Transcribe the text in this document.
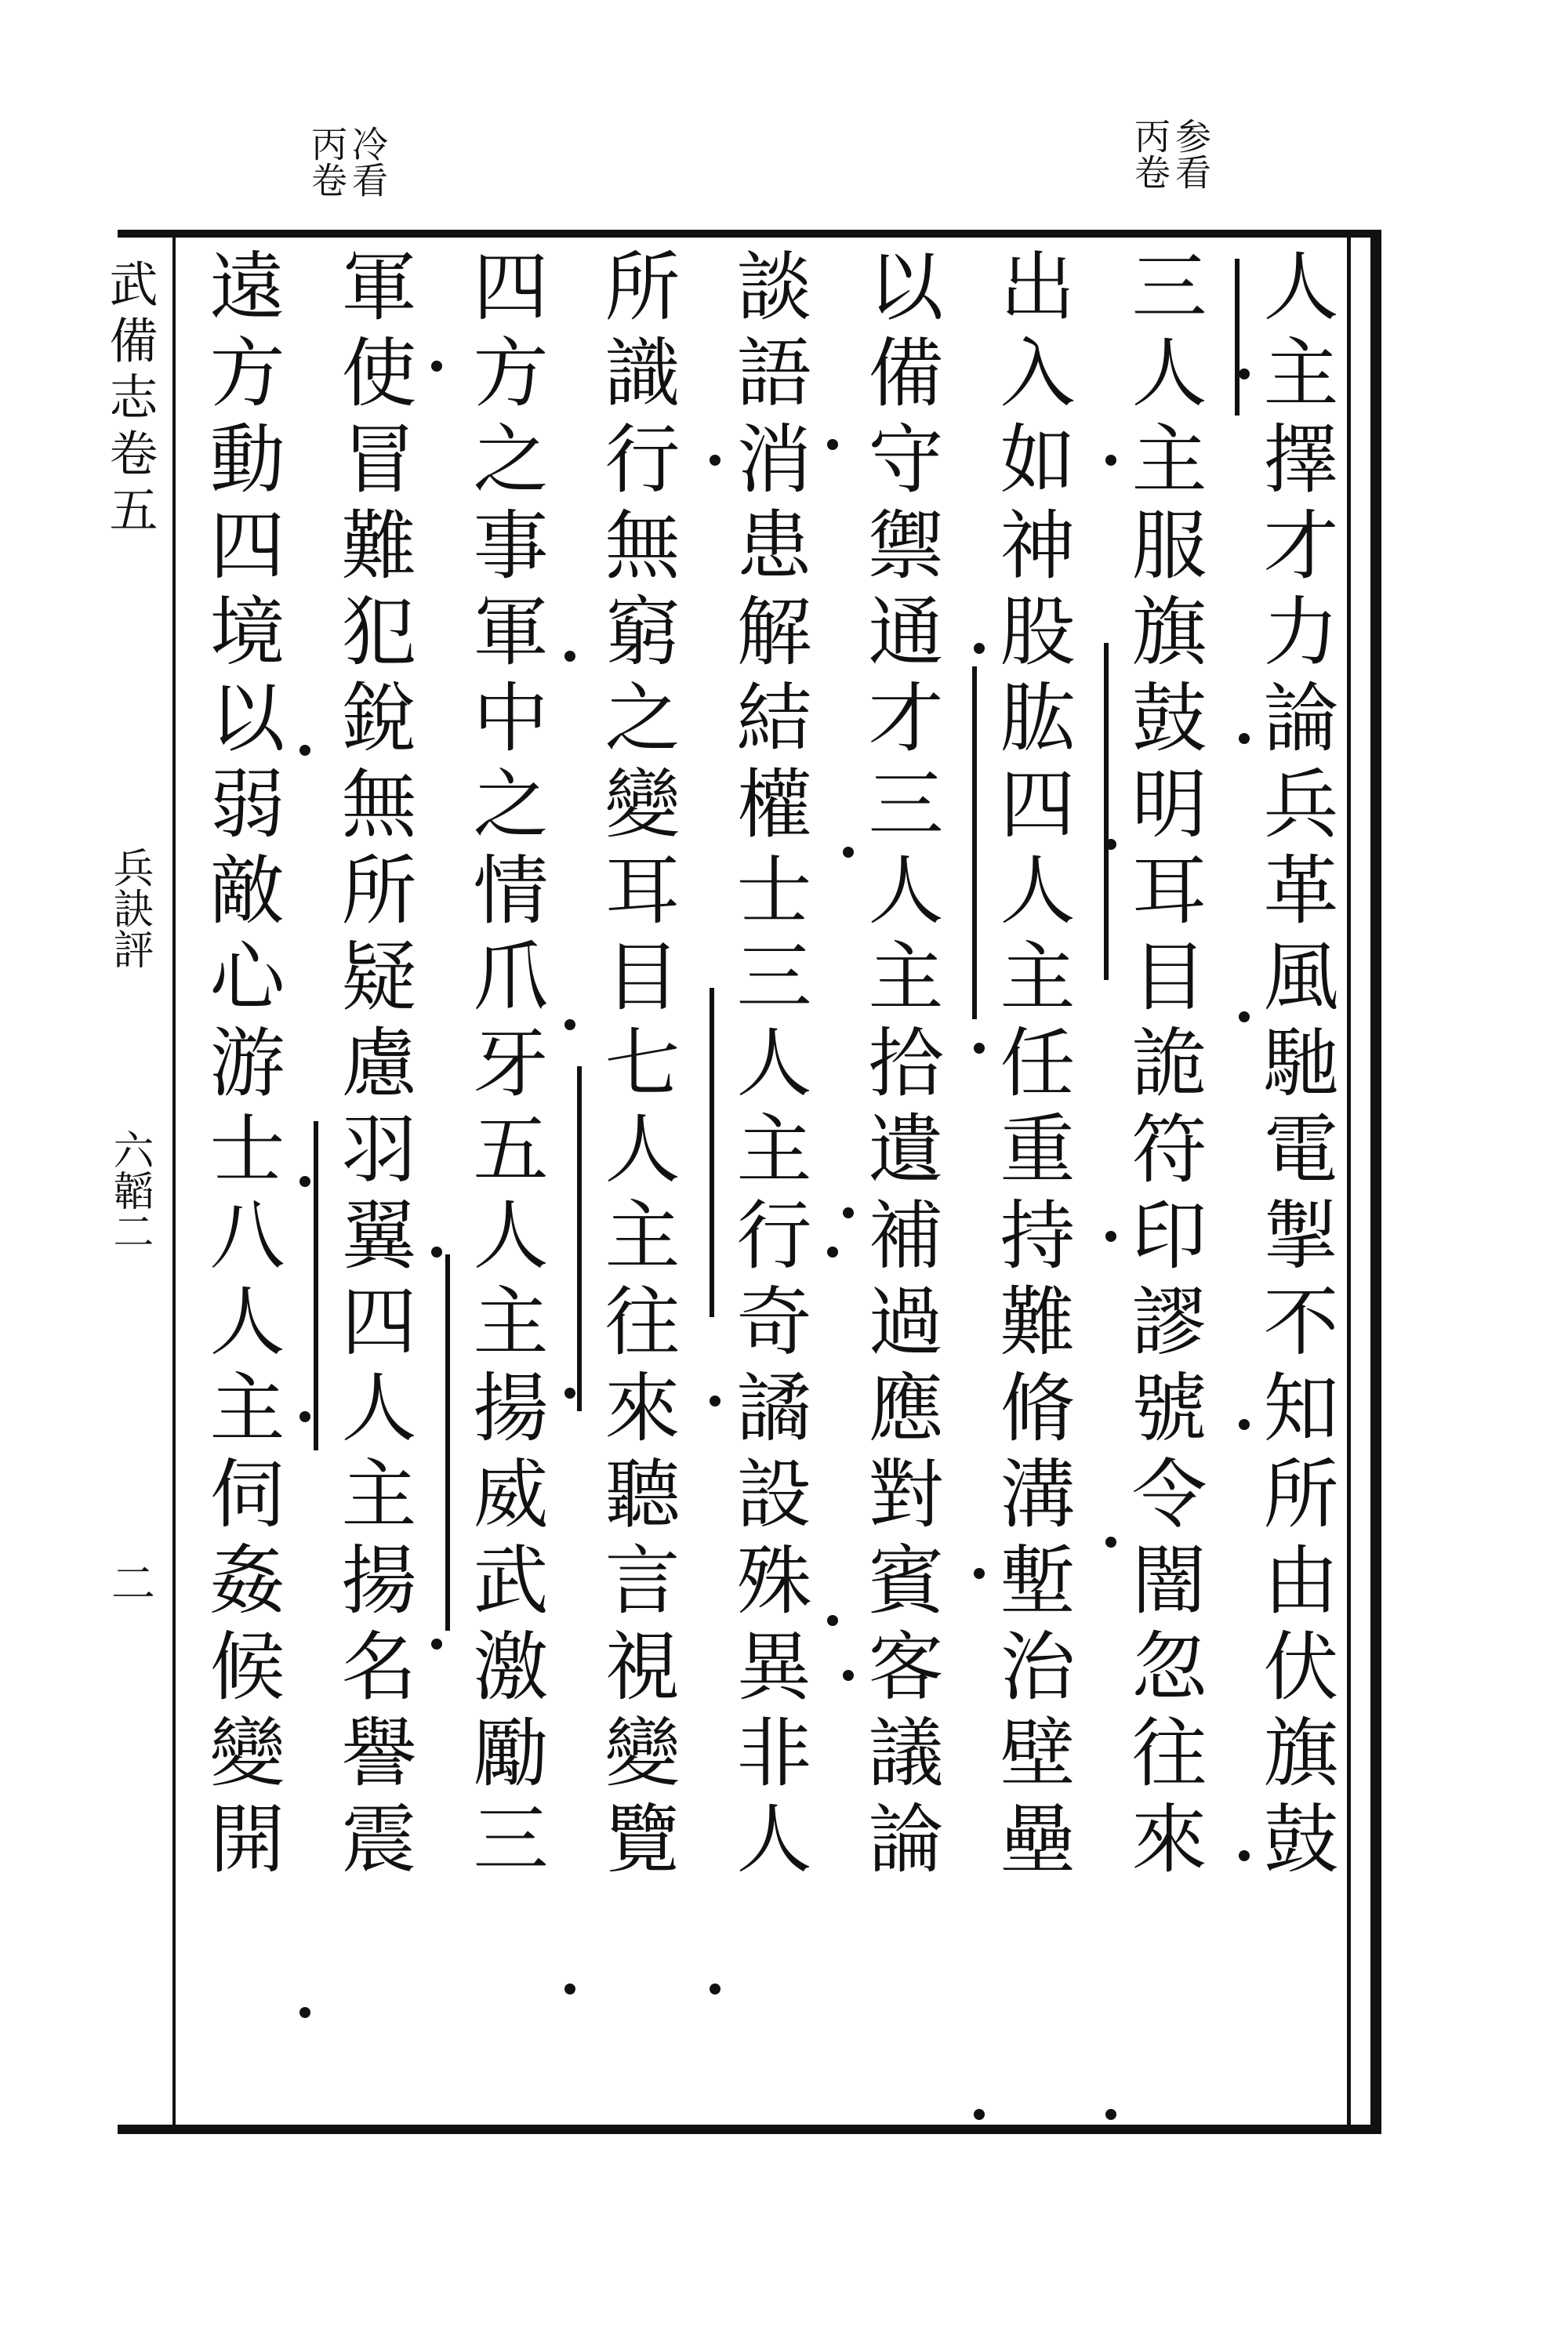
参看
丙卷
冷看
丙卷
武備志卷五
兵訣評
六韜二
二	人主擇才力論兵革風馳電掣不知所由伏旗鼓
三人主服旗鼓明耳目詭符印謬號令闇忽往來
出入如神股肱四人主任重持難脩溝塹治壁壘
以備守禦通才三人主拾遺補過應對賓客議論
談語消患解結權士三人主行奇譎設殊異非人
所識行無窮之變耳目七人主往來聽言視變覽
四方之事軍中之情爪牙五人主揚威武激勵三
軍使冒難犯銳無所疑慮羽翼四人主揚名譽震
遠方動四境以弱敵心游士八人主伺姦候變開
